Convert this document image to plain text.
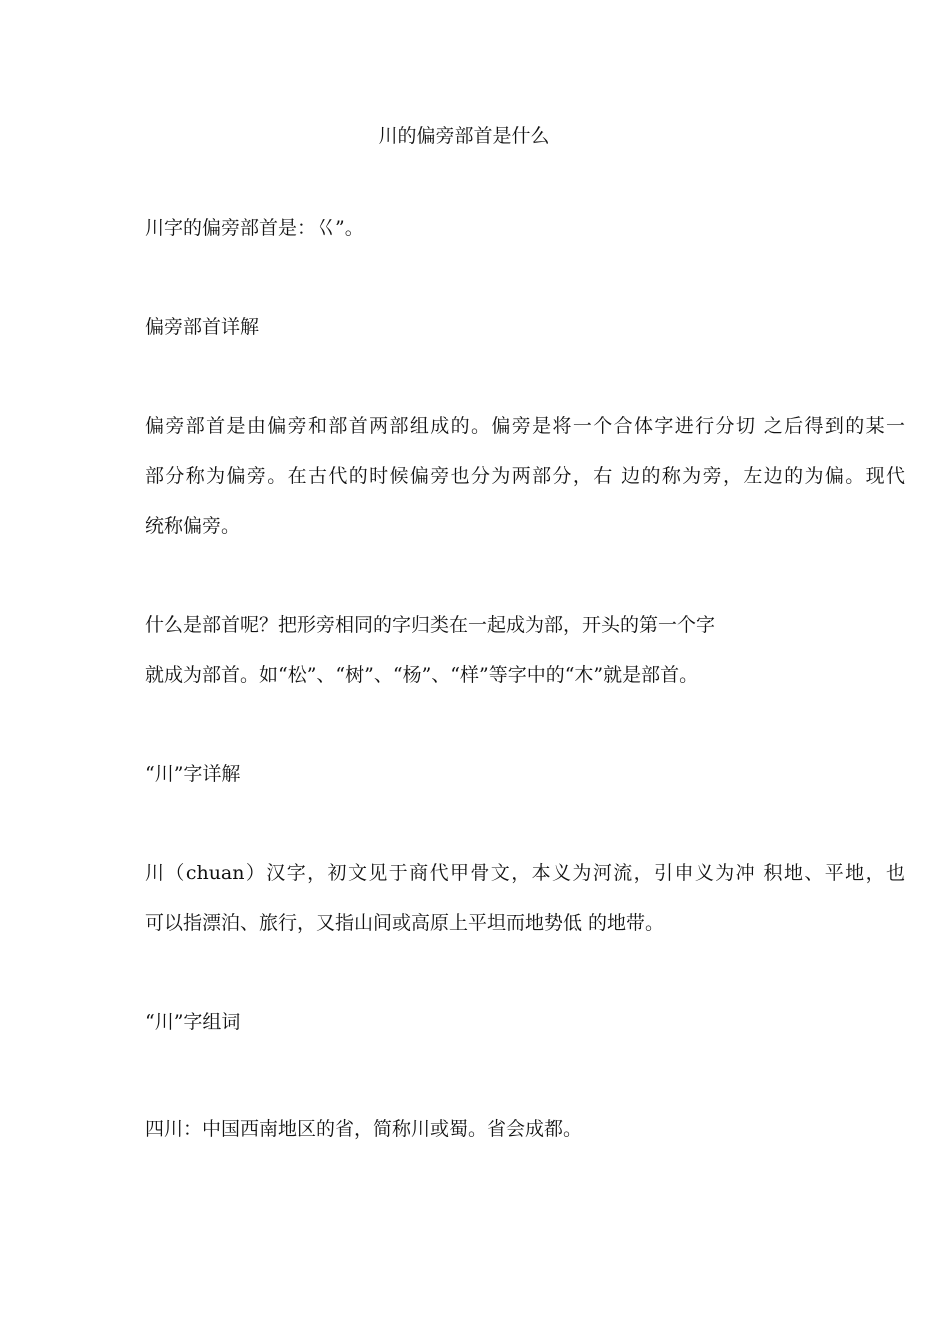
川的偏旁部首是什么
川字的偏旁部首是：巜”。
偏旁部首详解
偏旁部首是由偏旁和部首两部组成的。偏旁是将一个合体字进行分切 之后得到的某一
部分称为偏旁。在古代的时候偏旁也分为两部分，右 边的称为旁，左边的为偏。现代
统称偏旁。
什么是部首呢？把形旁相同的字归类在一起成为部，开头的第一个字
就成为部首。如“松”、“树”、“杨”、“样”等字中的“木”就是部首。
“川”字详解
川（chuan）汉字，初文见于商代甲骨文，本义为河流，引申义为冲 积地、平地，也
可以指漂泊、旅行，又指山间或高原上平坦而地势低 的地带。
“川”字组词
四川：中国西南地区的省，简称川或蜀。省会成都。
